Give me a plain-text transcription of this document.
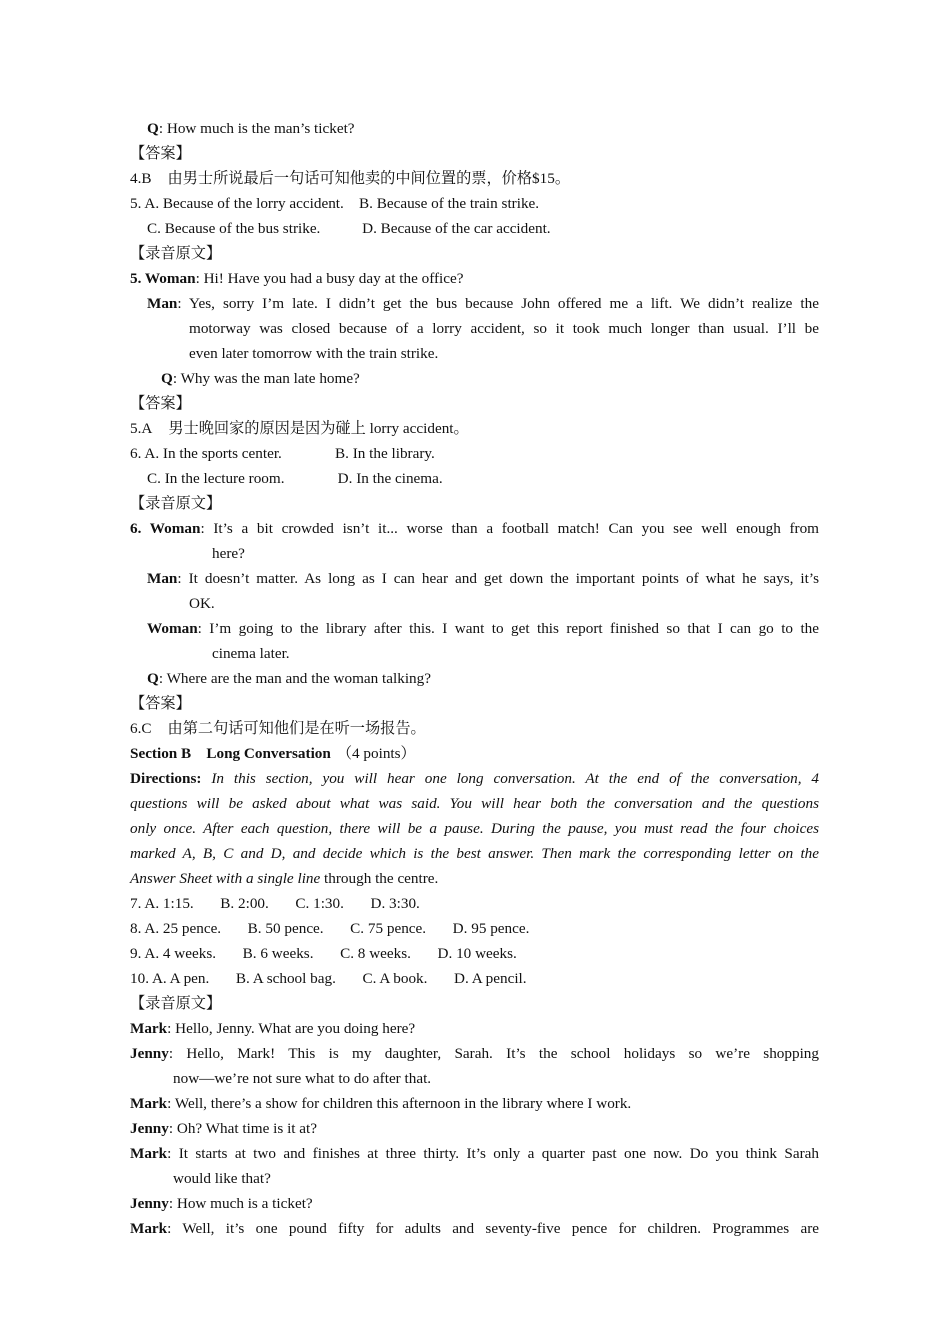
Q: How much is the man’s ticket?
【答案】
4.B 由男士所说最后一句话可知他卖的中间位置的票，价格$15。
5. A. Because of the lorry accident.    B. Because of the train strike.
C. Because of the bus strike.           D. Because of the car accident.
【录音原文】
5. Woman: Hi! Have you had a busy day at the office?
Man: Yes, sorry I’m late. I didn’t get the bus because John offered me a lift. We didn’t realize the
motorway was closed because of a lorry accident, so it took much longer than usual. I’ll be
even later tomorrow with the train strike.
Q: Why was the man late home?
【答案】
5.A 男士晚回家的原因是因为碰上 lorry accident。
6. A. In the sports center.              B. In the library.
C. In the lecture room.              D. In the cinema.
【录音原文】
6. Woman: It’s a bit crowded isn’t it... worse than a football match! Can you see well enough from
here?
Man: It doesn’t matter. As long as I can hear and get down the important points of what he says, it’s
OK.
Woman: I’m going to the library after this. I want to get this report finished so that I can go to the
cinema later.
Q: Where are the man and the woman talking?
【答案】
6.C 由第二句话可知他们是在听一场报告。
Section B    Long Conversation （4 points）
Directions: In this section, you will hear one long conversation. At the end of the conversation, 4
questions will be asked about what was said. You will hear both the conversation and the questions
only once. After each question, there will be a pause. During the pause, you must read the four choices
marked A, B, C and D, and decide which is the best answer. Then mark the corresponding letter on the
Answer Sheet with a single line through the centre.
7. A. 1:15.       B. 2:00.       C. 1:30.       D. 3:30.
8. A. 25 pence.       B. 50 pence.       C. 75 pence.       D. 95 pence.
9. A. 4 weeks.       B. 6 weeks.       C. 8 weeks.       D. 10 weeks.
10. A. A pen.       B. A school bag.       C. A book.       D. A pencil.
【录音原文】
Mark: Hello, Jenny. What are you doing here?
Jenny: Hello, Mark! This is my daughter, Sarah. It’s the school holidays so we’re shopping
now—we’re not sure what to do after that.
Mark: Well, there’s a show for children this afternoon in the library where I work.
Jenny: Oh? What time is it at?
Mark: It starts at two and finishes at three thirty. It’s only a quarter past one now. Do you think Sarah
would like that?
Jenny: How much is a ticket?
Mark: Well, it’s one pound fifty for adults and seventy-five pence for children. Programmes are
